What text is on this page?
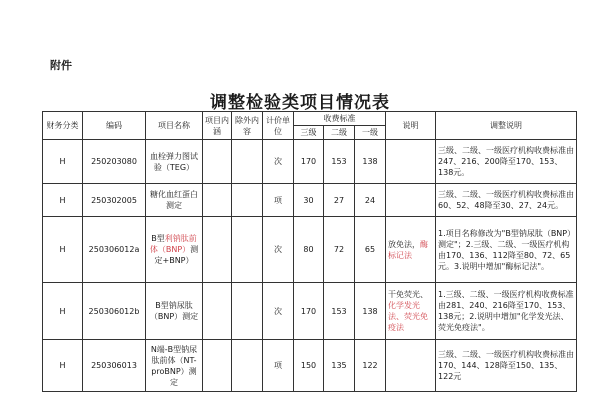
附件
调整检验类项目情况表
财务分类	编码	项目名称	项目内涵	除外内容	计价单位	收费标准			说明	调整说明
						三级	二级	一级		
H	250203080	血栓弹力图试验（TEG）			次	170	153	138		三级、二级、一级医疗机构收费标准由247、216、200降至170、153、138元。
H	250302005	糖化血红蛋白测定			项	30	27	24		三级、二级、一级医疗机构收费标准由60、52、48降至30、27、24元。
H	250306012a	B型利钠肽前体（BNP）测定+BNP）			次	80	72	65	放免法，酶标记法	1.项目名称修改为"B型钠尿肽（BNP）测定"；2.三级、二级、一级医疗机构由170、136、112降至80、72、65元。3.说明中增加"酶标记法"。
H	250306012b	B型钠尿肽（BNP）测定			次	170	153	138	干免荧光、化学发光法、荧光免疫法	1.三级、二级、一级医疗机构收费标准由281、240、216降至170、153、138元；2.说明中增加"化学发光法、荧光免疫法"。
H	250306013	N端-B型钠尿肽前体（NT-proBNP）测定			项	150	135	122		三级、二级、一级医疗机构收费标准由170、144、128降至150、135、122元
